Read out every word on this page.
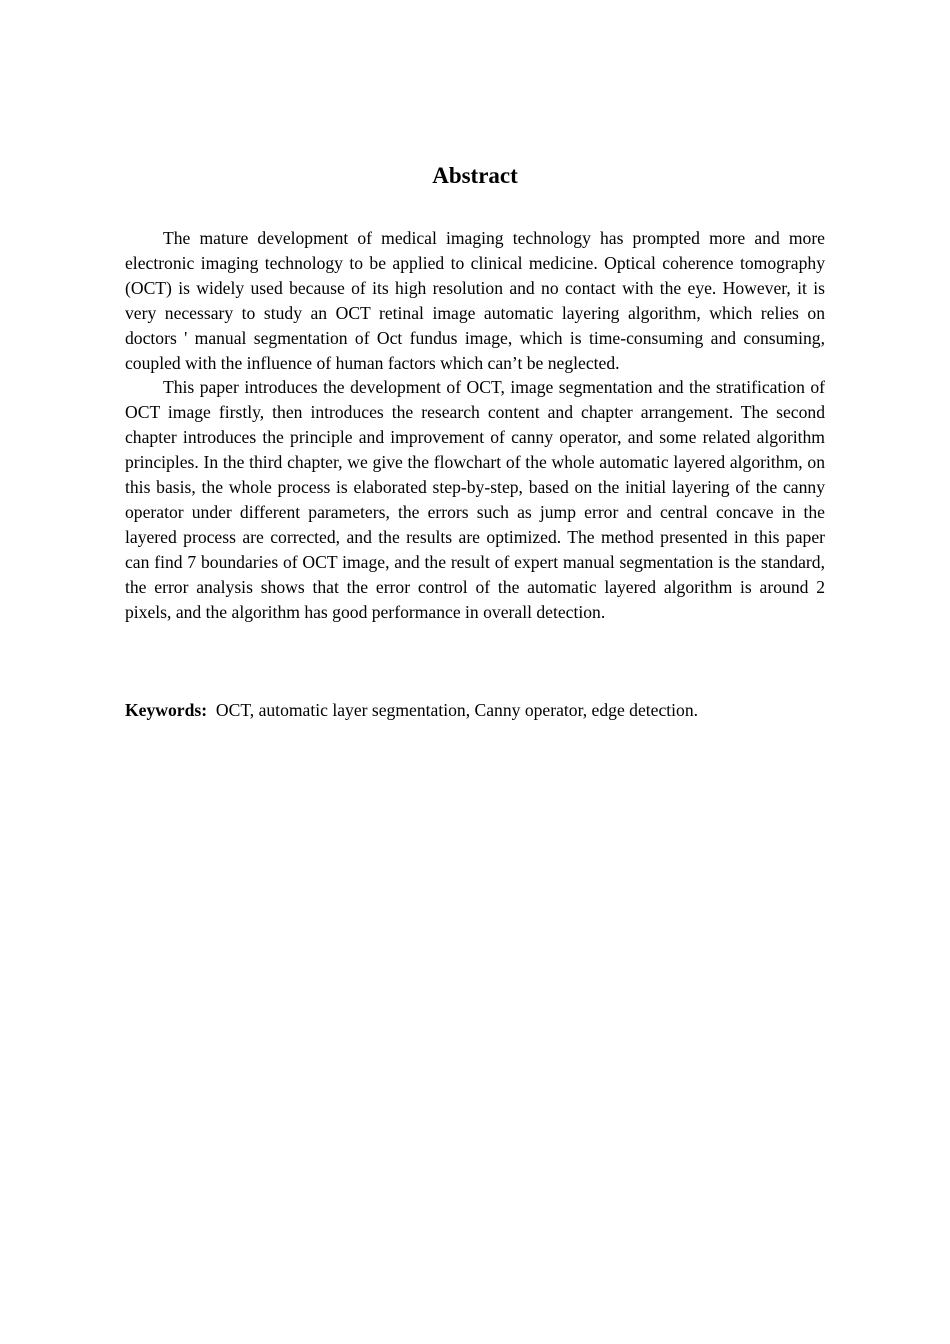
Abstract

The mature development of medical imaging technology has prompted more and more electronic imaging technology to be applied to clinical medicine. Optical coherence tomography (OCT) is widely used because of its high resolution and no contact with the eye. However, it is very necessary to study an OCT retinal image automatic layering algorithm, which relies on doctors ' manual segmentation of Oct fundus image, which is time-consuming and consuming, coupled with the influence of human factors which can’t be neglected.

This paper introduces the development of OCT, image segmentation and the stratification of OCT image firstly, then introduces the research content and chapter arrangement. The second chapter introduces the principle and improvement of canny operator, and some related algorithm principles. In the third chapter, we give the flowchart of the whole automatic layered algorithm, on this basis, the whole process is elaborated step-by-step, based on the initial layering of the canny operator under different parameters, the errors such as jump error and central concave in the layered process are corrected, and the results are optimized. The method presented in this paper can find 7 boundaries of OCT image, and the result of expert manual segmentation is the standard, the error analysis shows that the error control of the automatic layered algorithm is around 2 pixels, and the algorithm has good performance in overall detection.

Keywords: OCT, automatic layer segmentation, Canny operator, edge detection.
